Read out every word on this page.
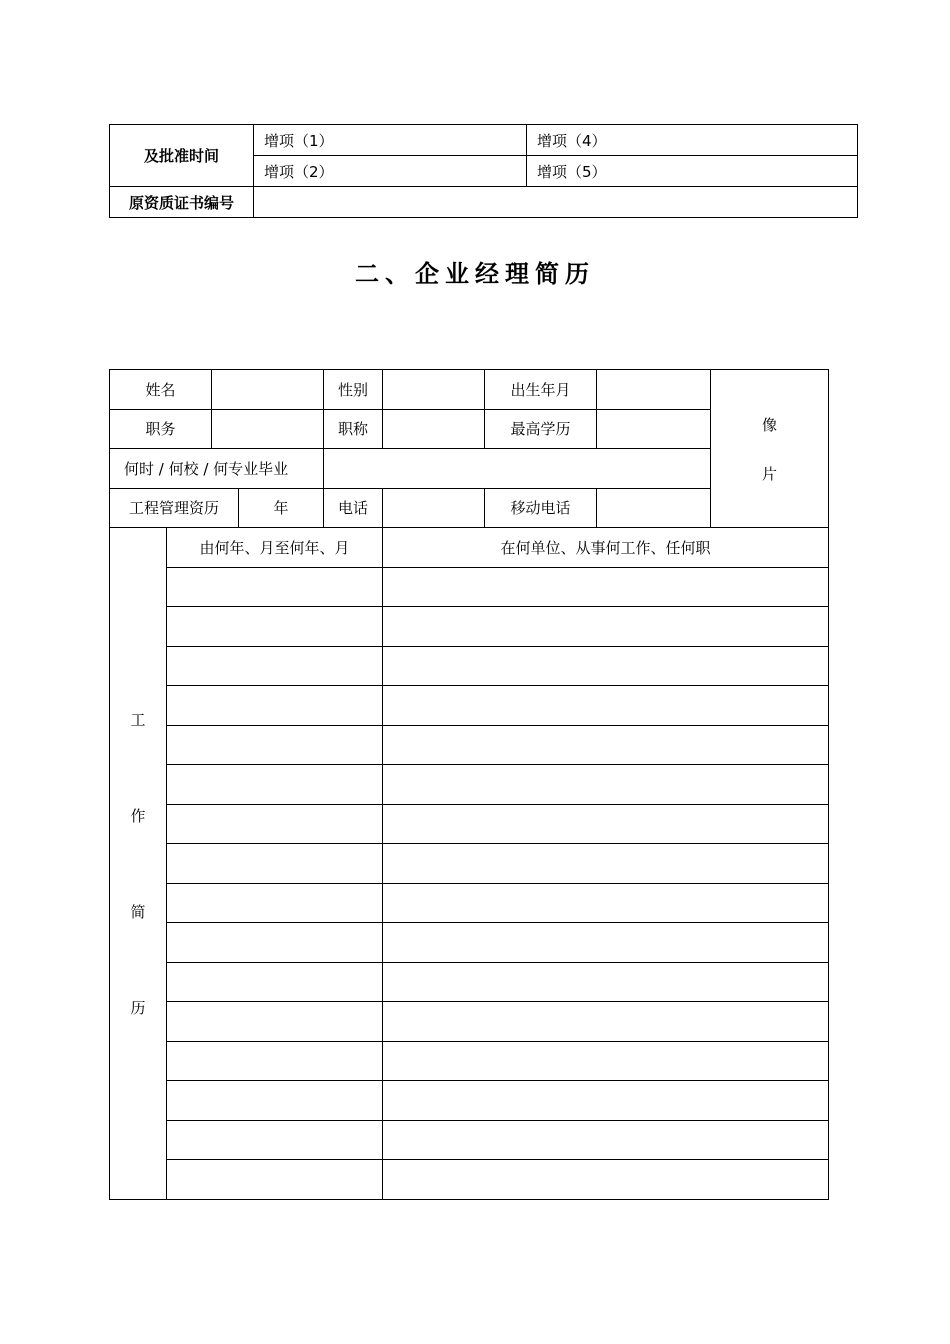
及批准时间	增项（1）	增项（4）
	增项（2）	增项（5）
原资质证书编号		
二、企业经理简历
姓名				性别		出生年月		像
片

职务				职称		最高学历		
何时 / 何校 / 何专业毕业								
工程管理资历			年	电话		移动电话		

工
作
简
历	由何年、月至何年、月				在何单位、从事何工作、任何职			
